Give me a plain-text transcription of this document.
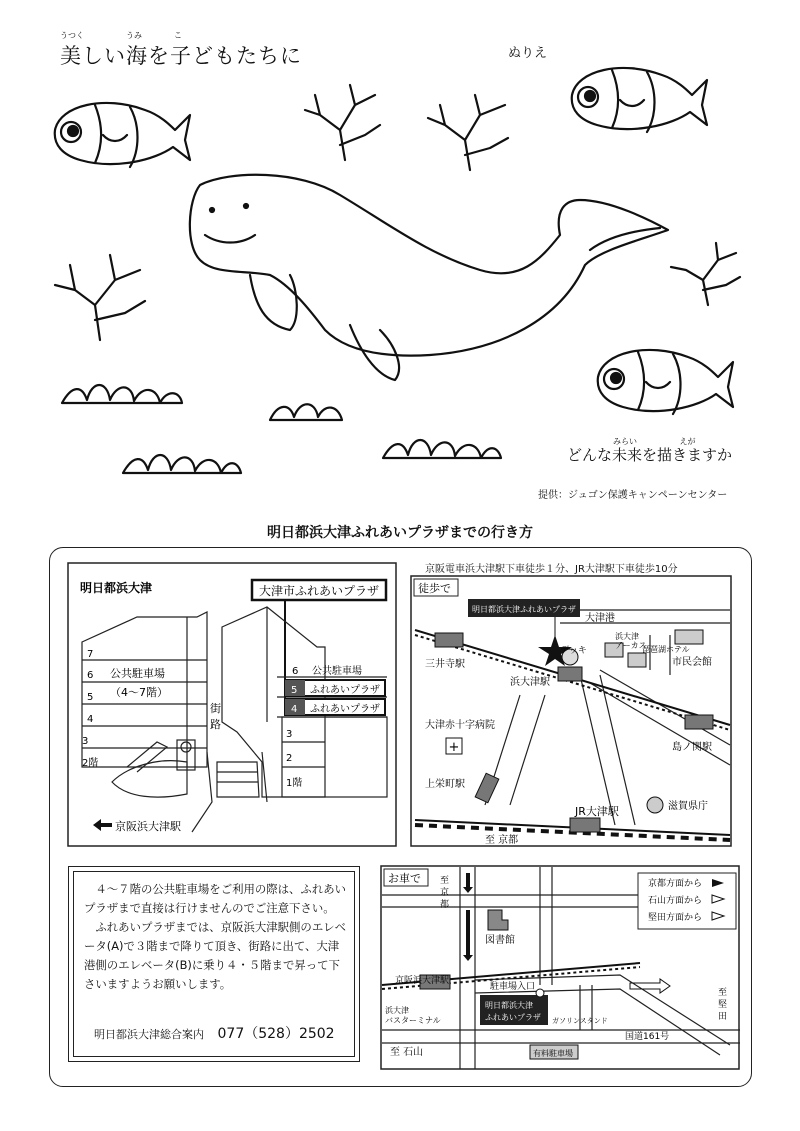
うつく	うみ	こ
美しい海を子どもたちに	ぬりえ
みらい	えが
どんな未来を描きますか
提供：ジュゴン保護キャンペーンセンター
明日都浜大津ふれあいプラザまでの行き方
明日都浜大津	大津市ふれあいプラザ
7
6
5
4
3
2階
公共駐車場
（4～7階）
街
路
6 公共駐車場
5 ふれあいプラザ
4 ふれあいプラザ
3
2
1階
京阪浜大津駅
京阪電車浜大津駅下車徒歩１分、JR大津駅下車徒歩10分
徒歩で
+
明日都浜大津ふれあいプラザ
大津港
デッキ
浜大津
アーカス
琵琶湖ホテル
三井寺駅
浜大津駅
市民会館
大津赤十字病院
島ノ関駅
上栄町駅
滋賀県庁
至 京都
JR大津駅

４～７階の公共駐車場をご利用の際は、ふれあいプラザまで直接は行けませんのでご注意下さい。

ふれあいプラザまでは、京阪浜大津駅側のエレベータ(A)で３階まで降りて頂き、街路に出て、大津港側のエレベータ(B)に乗り４・５階まで昇って下さいますようお願いします。

明日都浜大津総合案内 077（528）2502
お車で	京都方面から
石山方面から
堅田方面から
至
京
都
図書館
京阪浜大津駅
駐車場入口
明日都浜大津
ふれあいプラザ ガソリンスタンド
浜大津
バスターミナル
至 石山	有料駐車場
国道161号
至
堅
田
